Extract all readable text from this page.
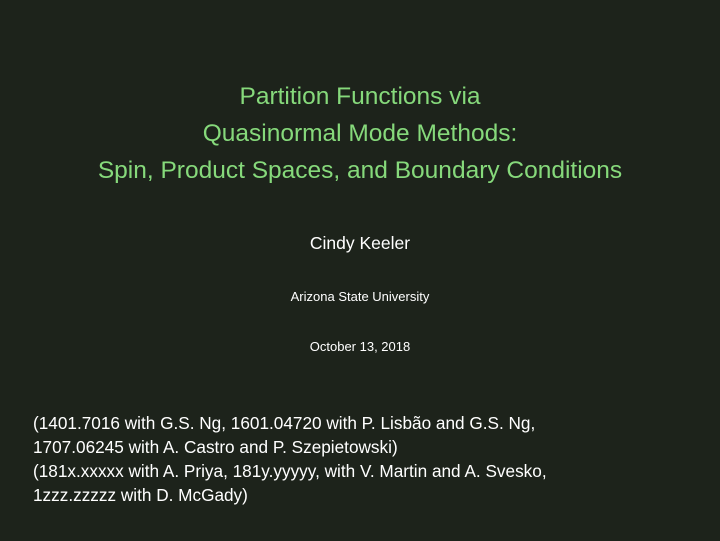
Partition Functions via
Quasinormal Mode Methods:
Spin, Product Spaces, and Boundary Conditions
Cindy Keeler
Arizona State University
October 13, 2018
(1401.7016 with G.S. Ng, 1601.04720 with P. Lisbão and G.S. Ng,
1707.06245 with A. Castro and P. Szepietowski)
(181x.xxxxx with A. Priya, 181y.yyyyy, with V. Martin and A. Svesko,
1zzz.zzzzz with D. McGady)
